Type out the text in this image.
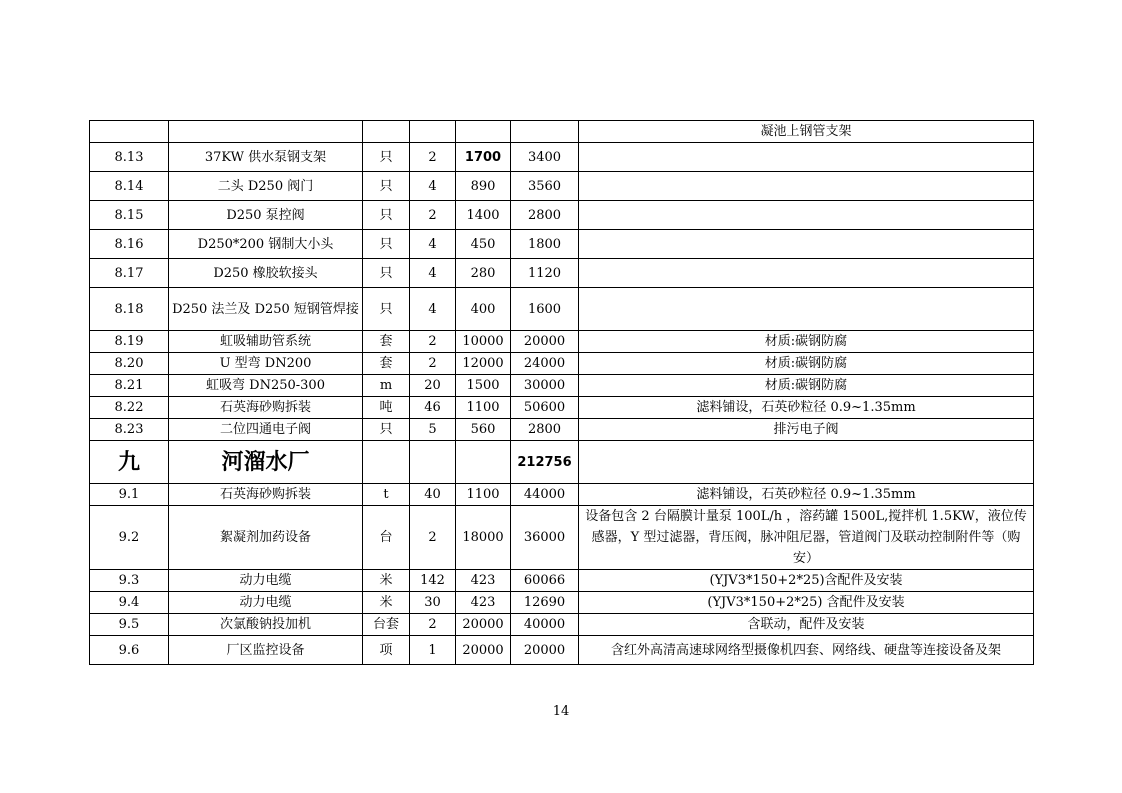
						凝池上钢管支架
8.13	37KW 供水泵钢支架	只	2	1700	3400	
8.14	二头 D250 阀门	只	4	890	3560	
8.15	D250 泵控阀	只	2	1400	2800	
8.16	D250*200 钢制大小头	只	4	450	1800	
8.17	D250 橡胶软接头	只	4	280	1120	
8.18	D250 法兰及 D250 短钢管焊接	只	4	400	1600	
8.19	虹吸辅助管系统	套	2	10000	20000	材质:碳钢防腐
8.20	U 型弯 DN200	套	2	12000	24000	材质:碳钢防腐
8.21	虹吸弯 DN250-300	m	20	1500	30000	材质:碳钢防腐
8.22	石英海砂购拆装	吨	46	1100	50600	滤料铺设，石英砂粒径 0.9~1.35mm
8.23	二位四通电子阀	只	5	560	2800	排污电子阀
九	河溜水厂				212756	
9.1	石英海砂购拆装	t	40	1100	44000	滤料铺设，石英砂粒径 0.9~1.35mm
9.2	絮凝剂加药设备	台	2	18000	36000	设备包含 2 台隔膜计量泵 100L/h ，溶药罐 1500L,搅拌机 1.5KW，液位传感器，Y 型过滤器，背压阀，脉冲阻尼器，管道阀门及联动控制附件等（购安）
9.3	动力电缆	米	142	423	60066	(YJV3*150+2*25)含配件及安装
9.4	动力电缆	米	30	423	12690	(YJV3*150+2*25) 含配件及安装
9.5	次氯酸钠投加机	台套	2	20000	40000	含联动，配件及安装
9.6	厂区监控设备	项	1	20000	20000	含红外高清高速球网络型摄像机四套、网络线、硬盘等连接设备及架
14
